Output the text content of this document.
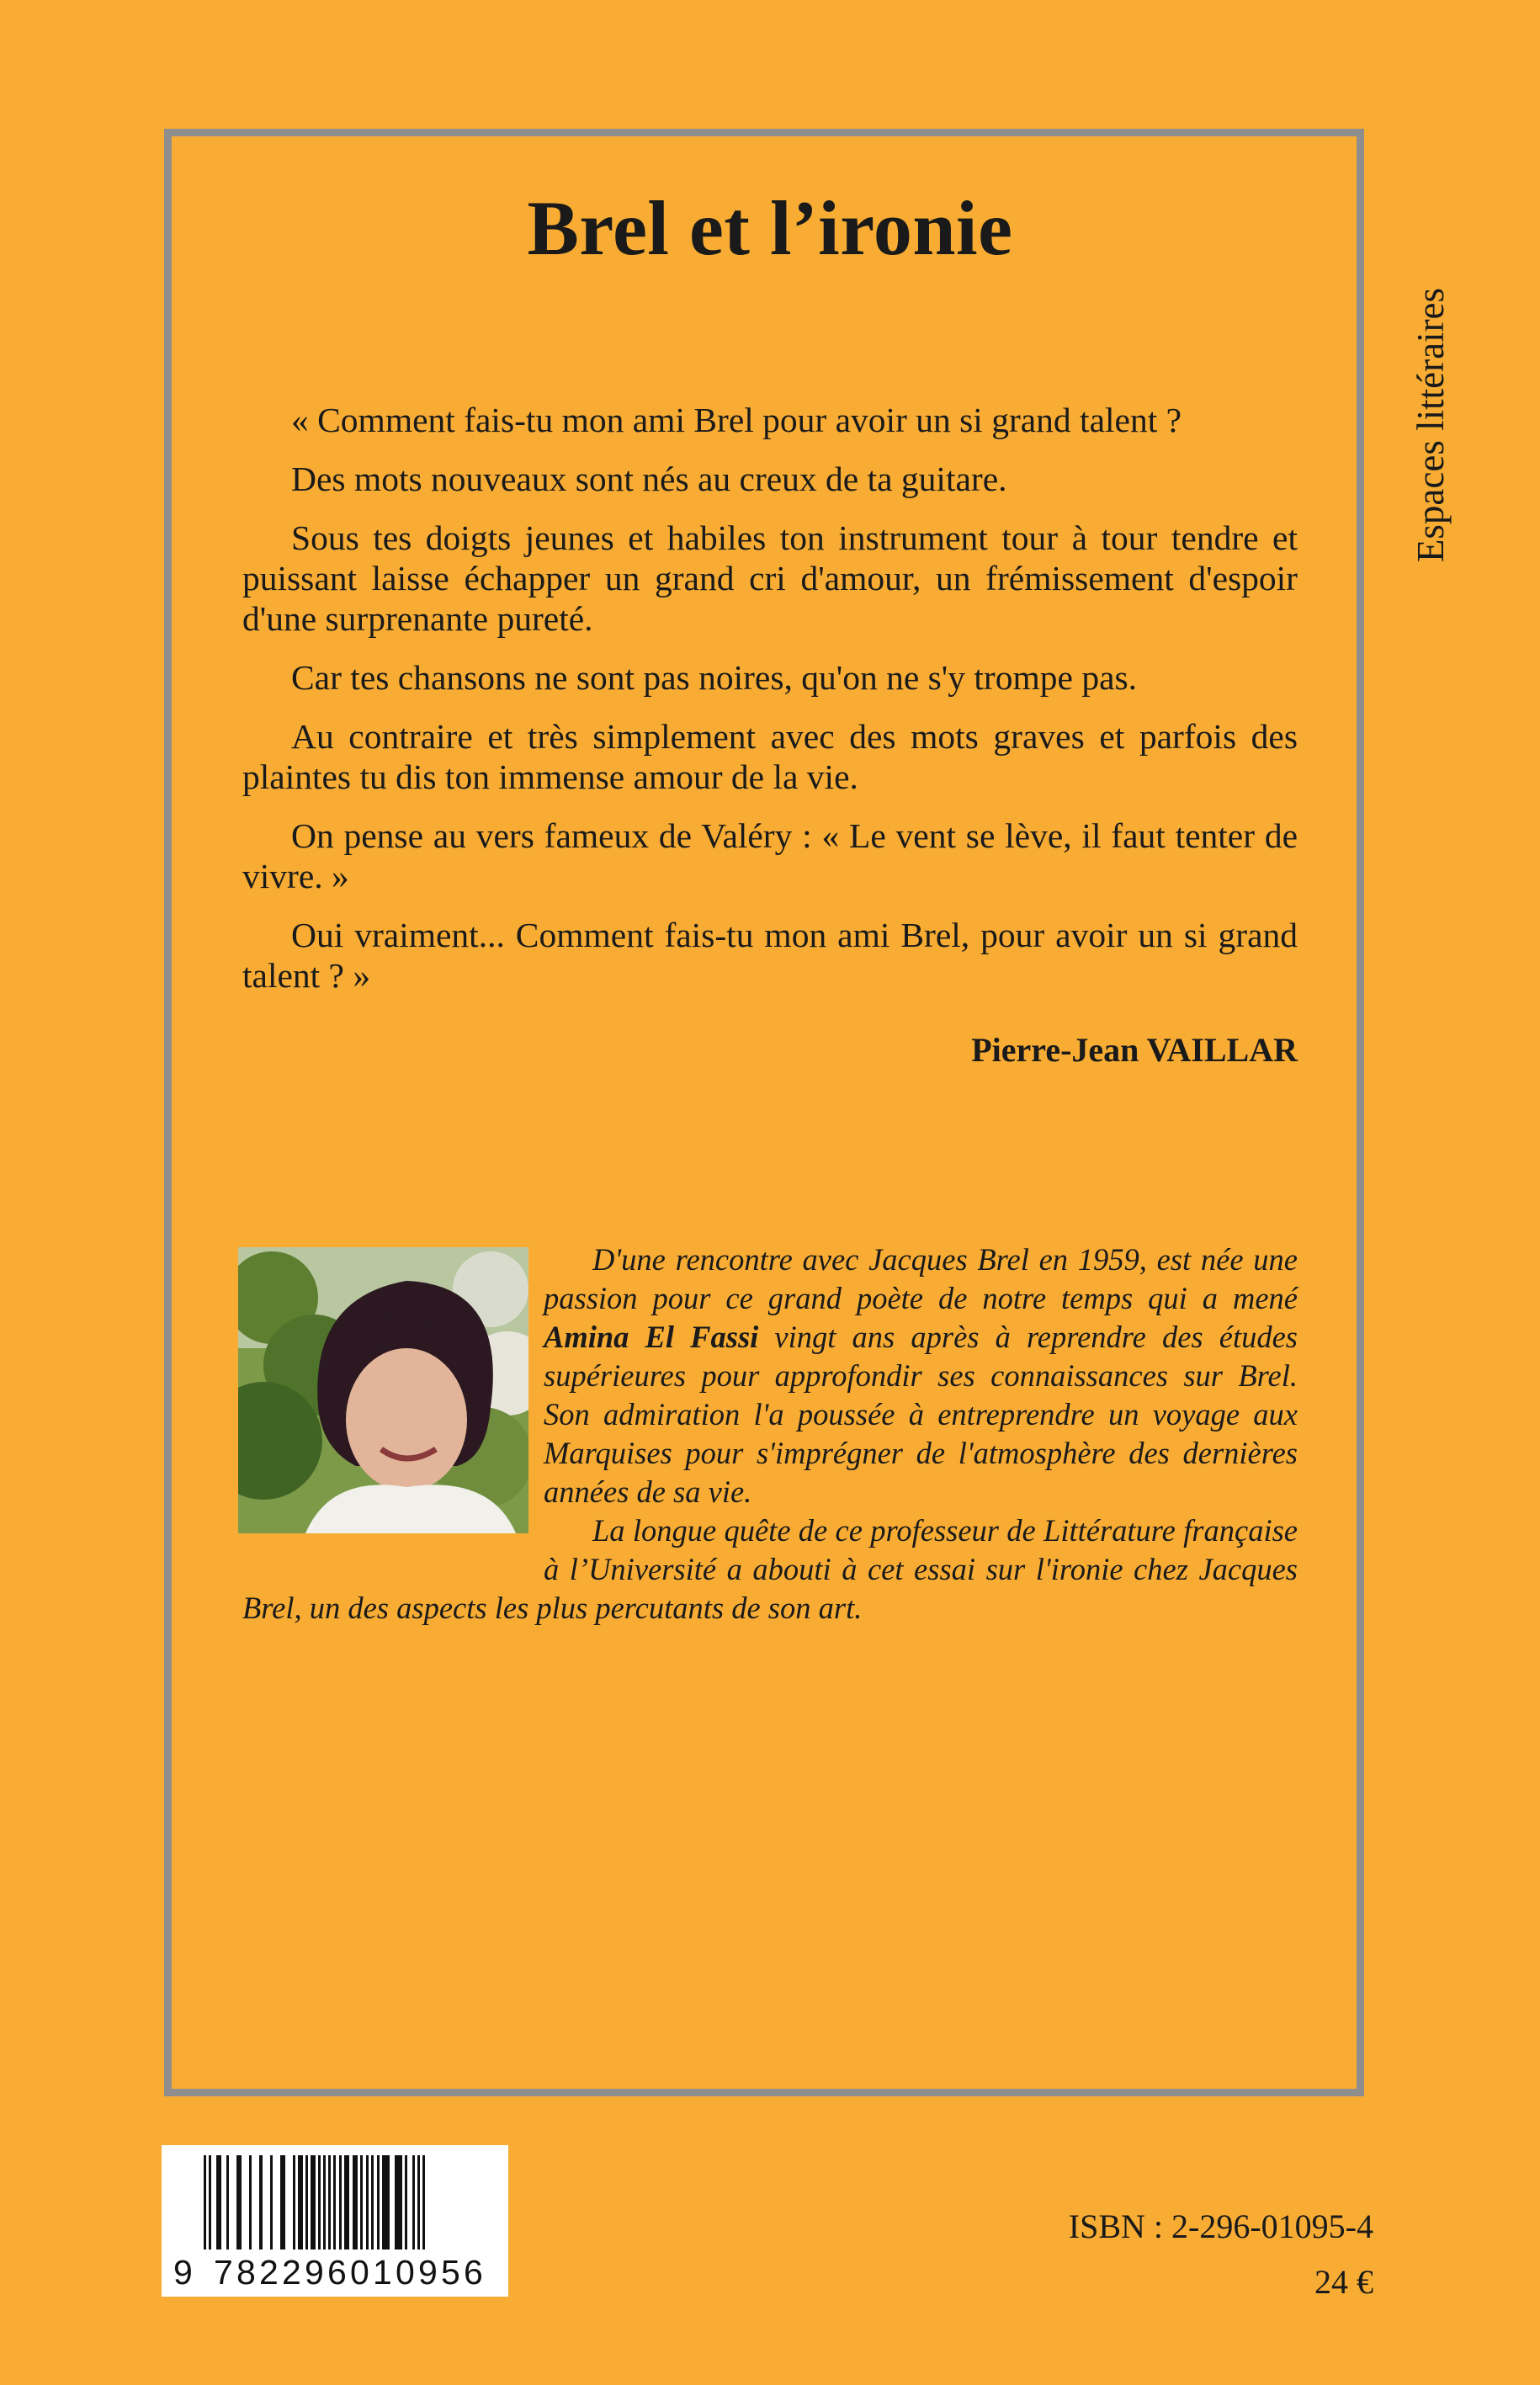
Brel et l’ironie
Espaces littéraires

« Comment fais-tu mon ami Brel pour avoir un si grand talent ?

Des mots nouveaux sont nés au creux de ta guitare.

Sous tes doigts jeunes et habiles ton instrument tour à tour tendre et puissant laisse échapper un grand cri d'amour, un frémissement d'espoir d'une surprenante pureté.

Car tes chansons ne sont pas noires, qu'on ne s'y trompe pas.

Au contraire et très simplement avec des mots graves et parfois des plaintes tu dis ton immense amour de la vie.

On pense au vers fameux de Valéry : « Le vent se lève, il faut tenter de vivre. »

Oui vraiment... Comment fais-tu mon ami Brel, pour avoir un si grand talent ? »

Pierre-Jean VAILLAR

D'une rencontre avec Jacques Brel en 1959, est née une passion pour ce grand poète de notre temps qui a mené Amina El Fassi vingt ans après à reprendre des études supérieures pour approfondir ses connaissances sur Brel. Son admiration l'a poussée à entreprendre un voyage aux Marquises pour s'imprégner de l'atmosphère des dernières années de sa vie.

La longue quête de ce professeur de Littérature française à l’Université a abouti à cet essai sur l'ironie chez Jacques Brel, un des aspects les plus percutants de son art.

9 782296010956
ISBN : 2-296-01095-4
24 €
